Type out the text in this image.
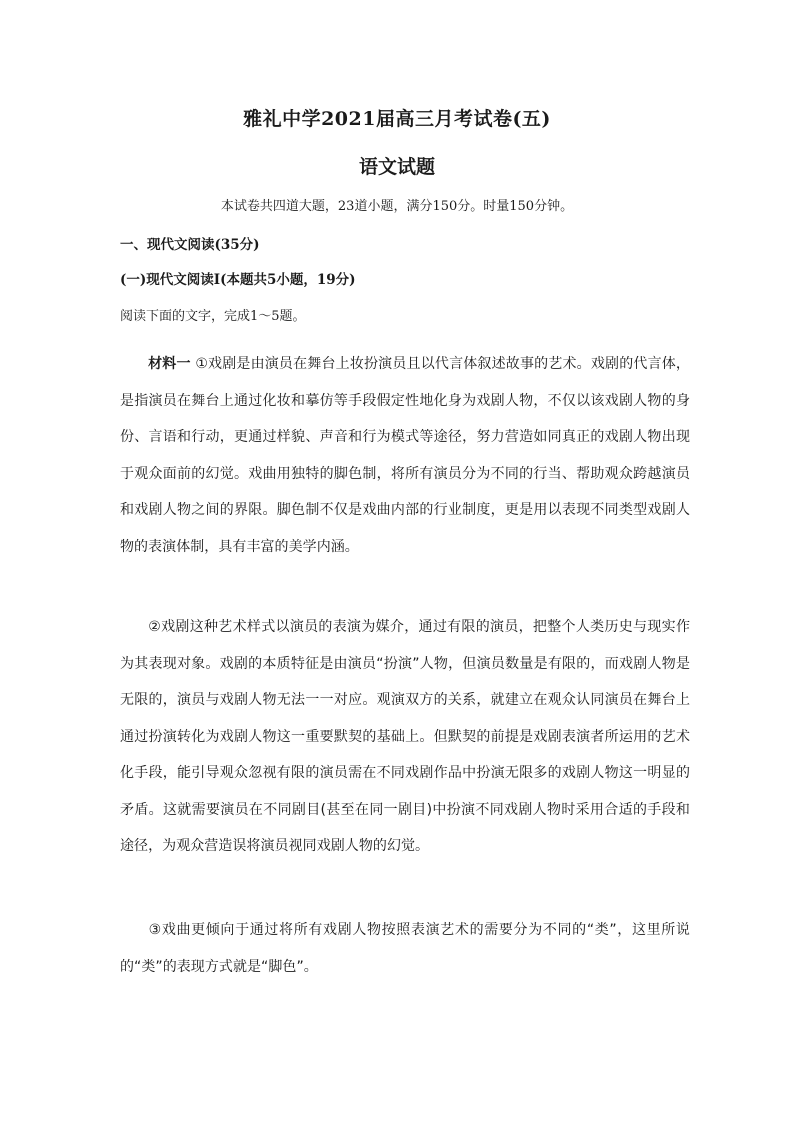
雅礼中学2021届高三月考试卷(五)
语文试题
本试卷共四道大题，23道小题，满分150分。时量150分钟。
一、现代文阅读(35分)
(一)现代文阅读Ⅰ(本题共5小题，19分)
阅读下面的文字，完成1～5题。

材料一 ①戏剧是由演员在舞台上妆扮演员且以代言体叙述故事的艺术。戏剧的代言体，是指演员在舞台上通过化妆和摹仿等手段假定性地化身为戏剧人物，不仅以该戏剧人物的身份、言语和行动，更通过样貌、声音和行为模式等途径，努力营造如同真正的戏剧人物出现于观众面前的幻觉。戏曲用独特的脚色制，将所有演员分为不同的行当、帮助观众跨越演员和戏剧人物之间的界限。脚色制不仅是戏曲内部的行业制度，更是用以表现不同类型戏剧人物的表演体制，具有丰富的美学内涵。

②戏剧这种艺术样式以演员的表演为媒介，通过有限的演员，把整个人类历史与现实作为其表现对象。戏剧的本质特征是由演员“扮演”人物，但演员数量是有限的，而戏剧人物是无限的，演员与戏剧人物无法一一对应。观演双方的关系，就建立在观众认同演员在舞台上通过扮演转化为戏剧人物这一重要默契的基础上。但默契的前提是戏剧表演者所运用的艺术化手段，能引导观众忽视有限的演员需在不同戏剧作品中扮演无限多的戏剧人物这一明显的矛盾。这就需要演员在不同剧目(甚至在同一剧目)中扮演不同戏剧人物时采用合适的手段和途径，为观众营造误将演员视同戏剧人物的幻觉。

③戏曲更倾向于通过将所有戏剧人物按照表演艺术的需要分为不同的“类”，这里所说的“类”的表现方式就是“脚色”。
